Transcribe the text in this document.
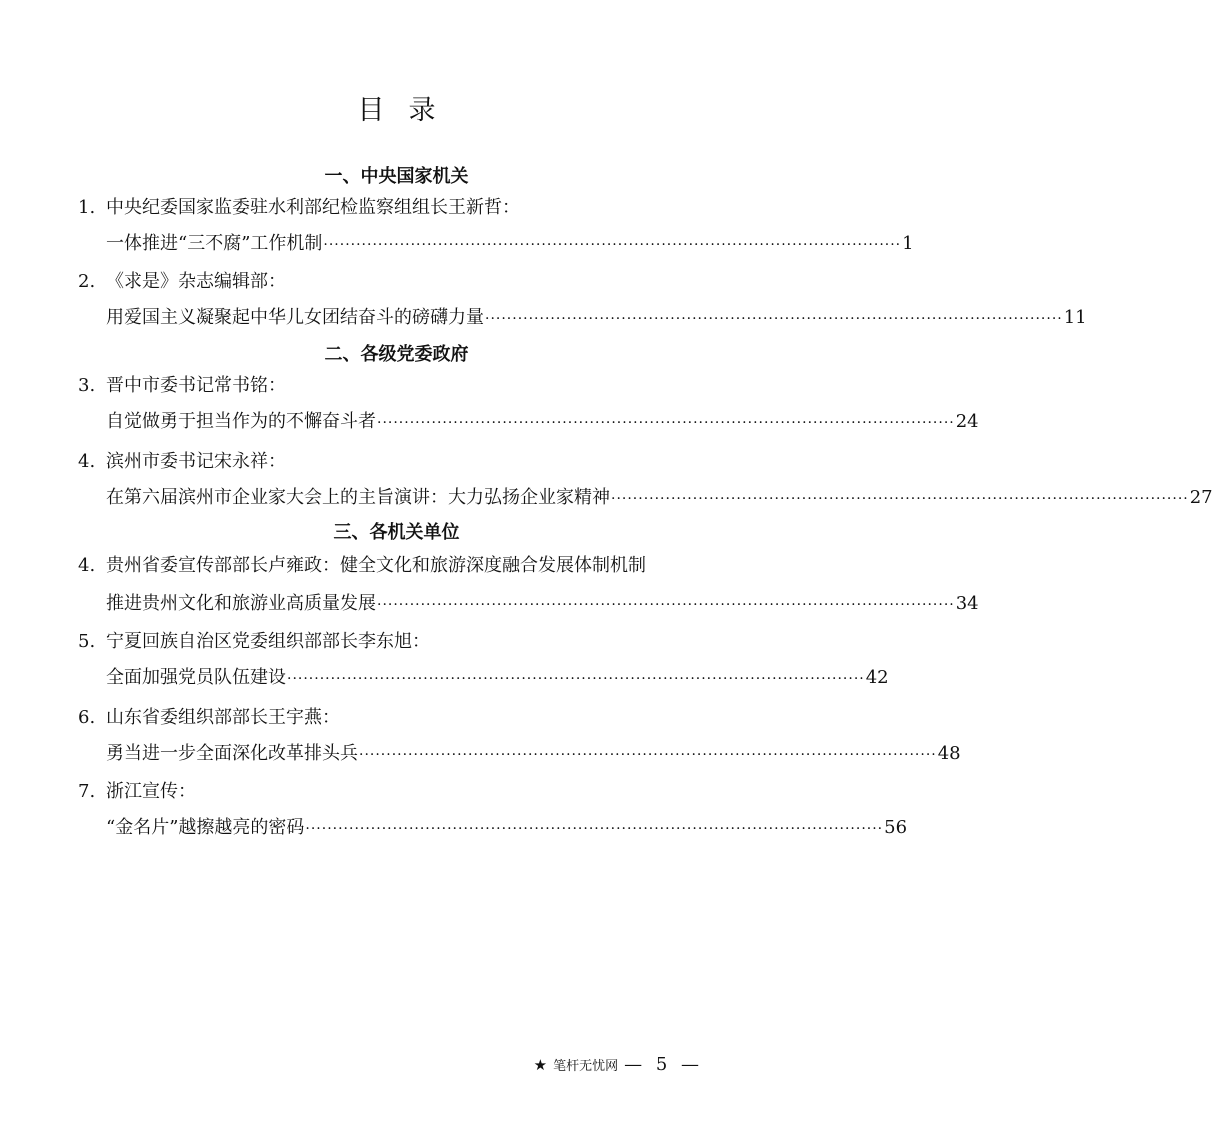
目录
一、中央国家机关
1. 中央纪委国家监委驻水利部纪检监察组组长王新哲：
一体推进“三不腐”工作机制 ·········································································································· 1
2. 《求是》杂志编辑部：
用爱国主义凝聚起中华儿女团结奋斗的磅礴力量 ·········································································································· 11
二、各级党委政府
3. 晋中市委书记常书铭：
自觉做勇于担当作为的不懈奋斗者 ·········································································································· 24
4. 滨州市委书记宋永祥：
在第六届滨州市企业家大会上的主旨演讲：大力弘扬企业家精神 ·········································································································· 27
三、各机关单位
4. 贵州省委宣传部部长卢雍政：健全文化和旅游深度融合发展体制机制
推进贵州文化和旅游业高质量发展 ·········································································································· 34
5. 宁夏回族自治区党委组织部部长李东旭：
全面加强党员队伍建设 ·········································································································· 42
6. 山东省委组织部部长王宇燕：
勇当进一步全面深化改革排头兵 ·········································································································· 48
7. 浙江宣传：
“金名片”越擦越亮的密码 ·········································································································· 56
★ 笔杆无忧网 — 5 —
